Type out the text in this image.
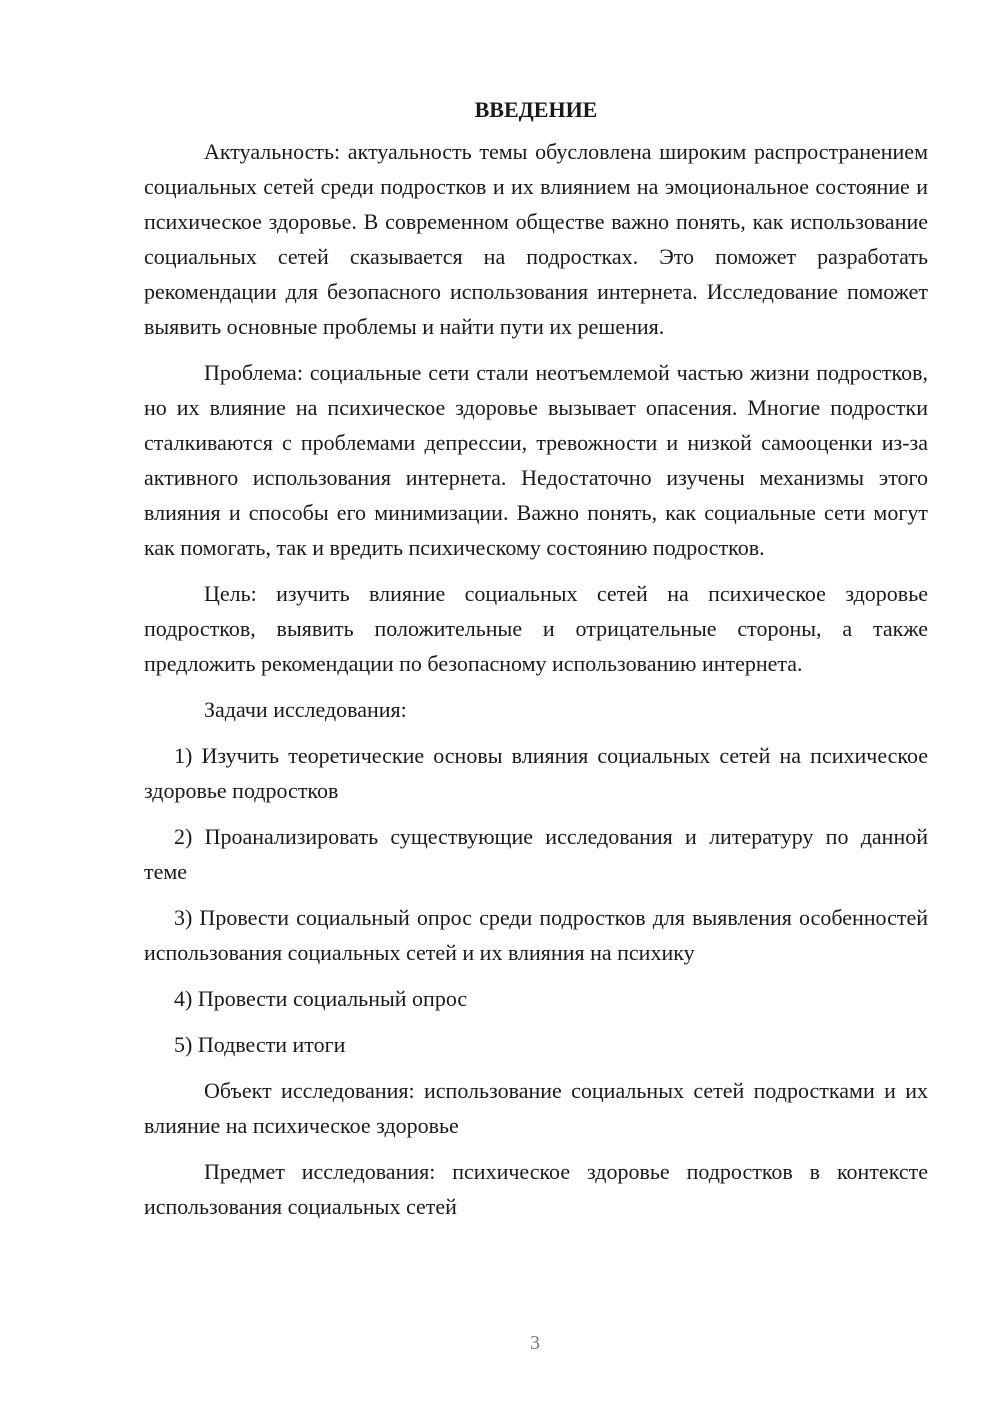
ВВЕДЕНИЕ

Актуальность: актуальность темы обусловлена широким распространением социальных сетей среди подростков и их влиянием на эмоциональное состояние и психическое здоровье. В современном обществе важно понять, как использование социальных сетей сказывается на подростках. Это поможет разработать рекомендации для безопасного использования интернета. Исследование поможет выявить основные проблемы и найти пути их решения.

Проблема: социальные сети стали неотъемлемой частью жизни подростков, но их влияние на психическое здоровье вызывает опасения. Многие подростки сталкиваются с проблемами депрессии, тревожности и низкой самооценки из-за активного использования интернета. Недостаточно изучены механизмы этого влияния и способы его минимизации. Важно понять, как социальные сети могут как помогать, так и вредить психическому состоянию подростков.

Цель: изучить влияние социальных сетей на психическое здоровье подростков, выявить положительные и отрицательные стороны, а также предложить рекомендации по безопасному использованию интернета.

Задачи исследования:

1) Изучить теоретические основы влияния социальных сетей на психическое здоровье подростков

2) Проанализировать существующие исследования и литературу по данной теме

3) Провести социальный опрос среди подростков для выявления особенностей использования социальных сетей и их влияния на психику

4) Провести социальный опрос

5) Подвести итоги

Объект исследования: использование социальных сетей подростками и их влияние на психическое здоровье

Предмет исследования: психическое здоровье подростков в контексте использования социальных сетей

3
